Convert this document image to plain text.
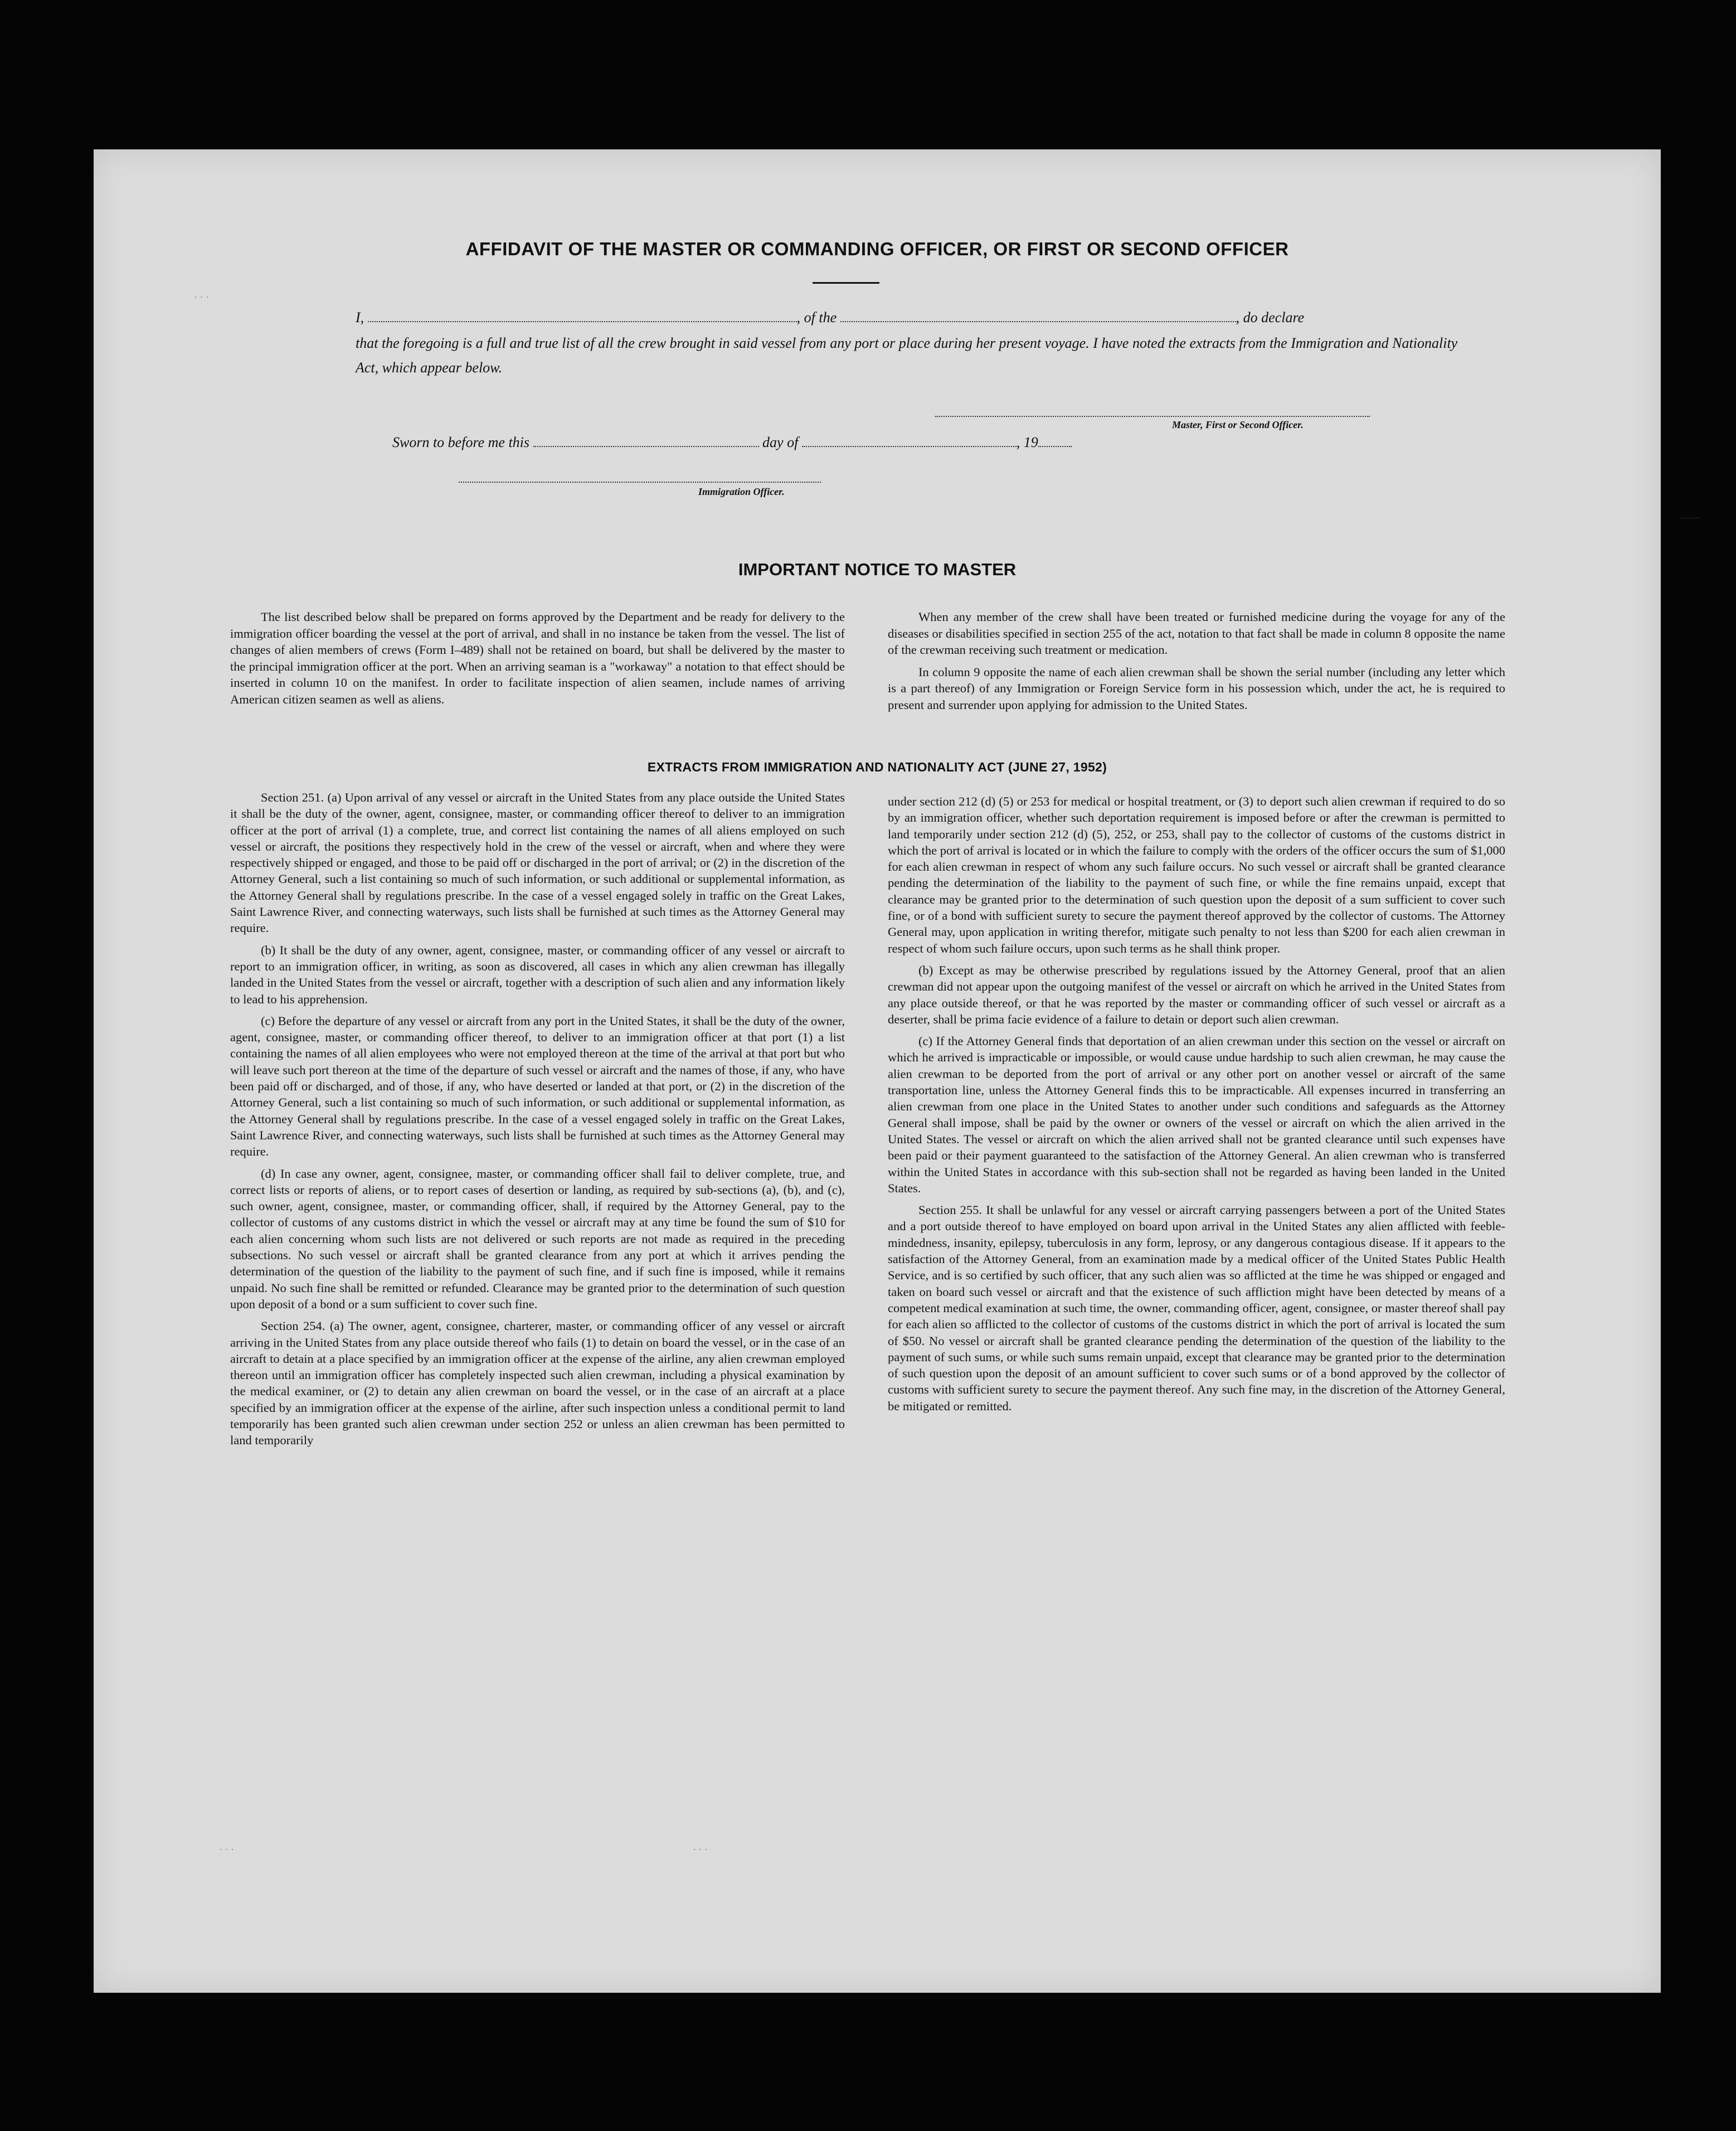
AFFIDAVIT OF THE MASTER OR COMMANDING OFFICER, OR FIRST OR SECOND OFFICER
I,	, of the	, do declare
that the foregoing is a full and true list of all the crew brought in said vessel from any port or place during her present voyage. I have noted the extracts from the Immigration and Nationality Act, which appear below.
Master, First or Second Officer.
Sworn to before me this	day of	, 19
Immigration Officer.
IMPORTANT NOTICE TO MASTER

The list described below shall be prepared on forms approved by the Department and be ready for delivery to the immigration officer boarding the vessel at the port of arrival, and shall in no instance be taken from the vessel. The list of changes of alien members of crews (Form I–489) shall not be retained on board, but shall be delivered by the master to the principal immigration officer at the port. When an arriving seaman is a "workaway" a notation to that effect should be inserted in column 10 on the manifest. In order to facilitate inspection of alien seamen, include names of arriving American citizen seamen as well as aliens.

When any member of the crew shall have been treated or furnished medicine during the voyage for any of the diseases or disabilities specified in section 255 of the act, notation to that fact shall be made in column 8 opposite the name of the crewman receiving such treatment or medication.

In column 9 opposite the name of each alien crewman shall be shown the serial number (including any letter which is a part thereof) of any Immigration or Foreign Service form in his possession which, under the act, he is required to present and surrender upon applying for admission to the United States.

EXTRACTS FROM IMMIGRATION AND NATIONALITY ACT (JUNE 27, 1952)

Section 251. (a) Upon arrival of any vessel or aircraft in the United States from any place outside the United States it shall be the duty of the owner, agent, consignee, master, or commanding officer thereof to deliver to an immigration officer at the port of arrival (1) a complete, true, and correct list containing the names of all aliens employed on such vessel or aircraft, the positions they respectively hold in the crew of the vessel or aircraft, when and where they were respectively shipped or engaged, and those to be paid off or discharged in the port of arrival; or (2) in the discretion of the Attorney General, such a list containing so much of such information, or such additional or supplemental information, as the Attorney General shall by regulations prescribe. In the case of a vessel engaged solely in traffic on the Great Lakes, Saint Lawrence River, and connecting waterways, such lists shall be furnished at such times as the Attorney General may require.

(b) It shall be the duty of any owner, agent, consignee, master, or commanding officer of any vessel or aircraft to report to an immigration officer, in writing, as soon as discovered, all cases in which any alien crewman has illegally landed in the United States from the vessel or aircraft, together with a description of such alien and any information likely to lead to his apprehension.

(c) Before the departure of any vessel or aircraft from any port in the United States, it shall be the duty of the owner, agent, consignee, master, or commanding officer thereof, to deliver to an immigration officer at that port (1) a list containing the names of all alien employees who were not employed thereon at the time of the arrival at that port but who will leave such port thereon at the time of the departure of such vessel or aircraft and the names of those, if any, who have been paid off or discharged, and of those, if any, who have deserted or landed at that port, or (2) in the discretion of the Attorney General, such a list containing so much of such information, or such additional or supplemental information, as the Attorney General shall by regulations prescribe. In the case of a vessel engaged solely in traffic on the Great Lakes, Saint Lawrence River, and connecting waterways, such lists shall be furnished at such times as the Attorney General may require.

(d) In case any owner, agent, consignee, master, or commanding officer shall fail to deliver complete, true, and correct lists or reports of aliens, or to report cases of desertion or landing, as required by sub-sections (a), (b), and (c), such owner, agent, consignee, master, or commanding officer, shall, if required by the Attorney General, pay to the collector of customs of any customs district in which the vessel or aircraft may at any time be found the sum of $10 for each alien concerning whom such lists are not delivered or such reports are not made as required in the preceding subsections. No such vessel or aircraft shall be granted clearance from any port at which it arrives pending the determination of the question of the liability to the payment of such fine, and if such fine is imposed, while it remains unpaid. No such fine shall be remitted or refunded. Clearance may be granted prior to the determination of such question upon deposit of a bond or a sum sufficient to cover such fine.

Section 254. (a) The owner, agent, consignee, charterer, master, or commanding officer of any vessel or aircraft arriving in the United States from any place outside thereof who fails (1) to detain on board the vessel, or in the case of an aircraft to detain at a place specified by an immigration officer at the expense of the airline, any alien crewman employed thereon until an immigration officer has completely inspected such alien crewman, including a physical examination by the medical examiner, or (2) to detain any alien crewman on board the vessel, or in the case of an aircraft at a place specified by an immigration officer at the expense of the airline, after such inspection unless a conditional permit to land temporarily has been granted such alien crewman under section 252 or unless an alien crewman has been permitted to land temporarily

under section 212 (d) (5) or 253 for medical or hospital treatment, or (3) to deport such alien crewman if required to do so by an immigration officer, whether such deportation requirement is imposed before or after the crewman is permitted to land temporarily under section 212 (d) (5), 252, or 253, shall pay to the collector of customs of the customs district in which the port of arrival is located or in which the failure to comply with the orders of the officer occurs the sum of $1,000 for each alien crewman in respect of whom any such failure occurs. No such vessel or aircraft shall be granted clearance pending the determination of the liability to the payment of such fine, or while the fine remains unpaid, except that clearance may be granted prior to the determination of such question upon the deposit of a sum sufficient to cover such fine, or of a bond with sufficient surety to secure the payment thereof approved by the collector of customs. The Attorney General may, upon application in writing therefor, mitigate such penalty to not less than $200 for each alien crewman in respect of whom such failure occurs, upon such terms as he shall think proper.

(b) Except as may be otherwise prescribed by regulations issued by the Attorney General, proof that an alien crewman did not appear upon the outgoing manifest of the vessel or aircraft on which he arrived in the United States from any place outside thereof, or that he was reported by the master or commanding officer of such vessel or aircraft as a deserter, shall be prima facie evidence of a failure to detain or deport such alien crewman.

(c) If the Attorney General finds that deportation of an alien crewman under this section on the vessel or aircraft on which he arrived is impracticable or impossible, or would cause undue hardship to such alien crewman, he may cause the alien crewman to be deported from the port of arrival or any other port on another vessel or aircraft of the same transportation line, unless the Attorney General finds this to be impracticable. All expenses incurred in transferring an alien crewman from one place in the United States to another under such conditions and safeguards as the Attorney General shall impose, shall be paid by the owner or owners of the vessel or aircraft on which the alien arrived in the United States. The vessel or aircraft on which the alien arrived shall not be granted clearance until such expenses have been paid or their payment guaranteed to the satisfaction of the Attorney General. An alien crewman who is transferred within the United States in accordance with this sub-section shall not be regarded as having been landed in the United States.

Section 255. It shall be unlawful for any vessel or aircraft carrying passengers between a port of the United States and a port outside thereof to have employed on board upon arrival in the United States any alien afflicted with feeble-mindedness, insanity, epilepsy, tuberculosis in any form, leprosy, or any dangerous contagious disease. If it appears to the satisfaction of the Attorney General, from an examination made by a medical officer of the United States Public Health Service, and is so certified by such officer, that any such alien was so afflicted at the time he was shipped or engaged and taken on board such vessel or aircraft and that the existence of such affliction might have been detected by means of a competent medical examination at such time, the owner, commanding officer, agent, consignee, or master thereof shall pay for each alien so afflicted to the collector of customs of the customs district in which the port of arrival is located the sum of $50. No vessel or aircraft shall be granted clearance pending the determination of the question of the liability to the payment of such sums, or while such sums remain unpaid, except that clearance may be granted prior to the determination of such question upon the deposit of an amount sufficient to cover such sums or of a bond approved by the collector of customs with sufficient surety to secure the payment thereof. Any such fine may, in the discretion of the Attorney General, be mitigated or remitted.

· · ·
· · ·	· · ·
